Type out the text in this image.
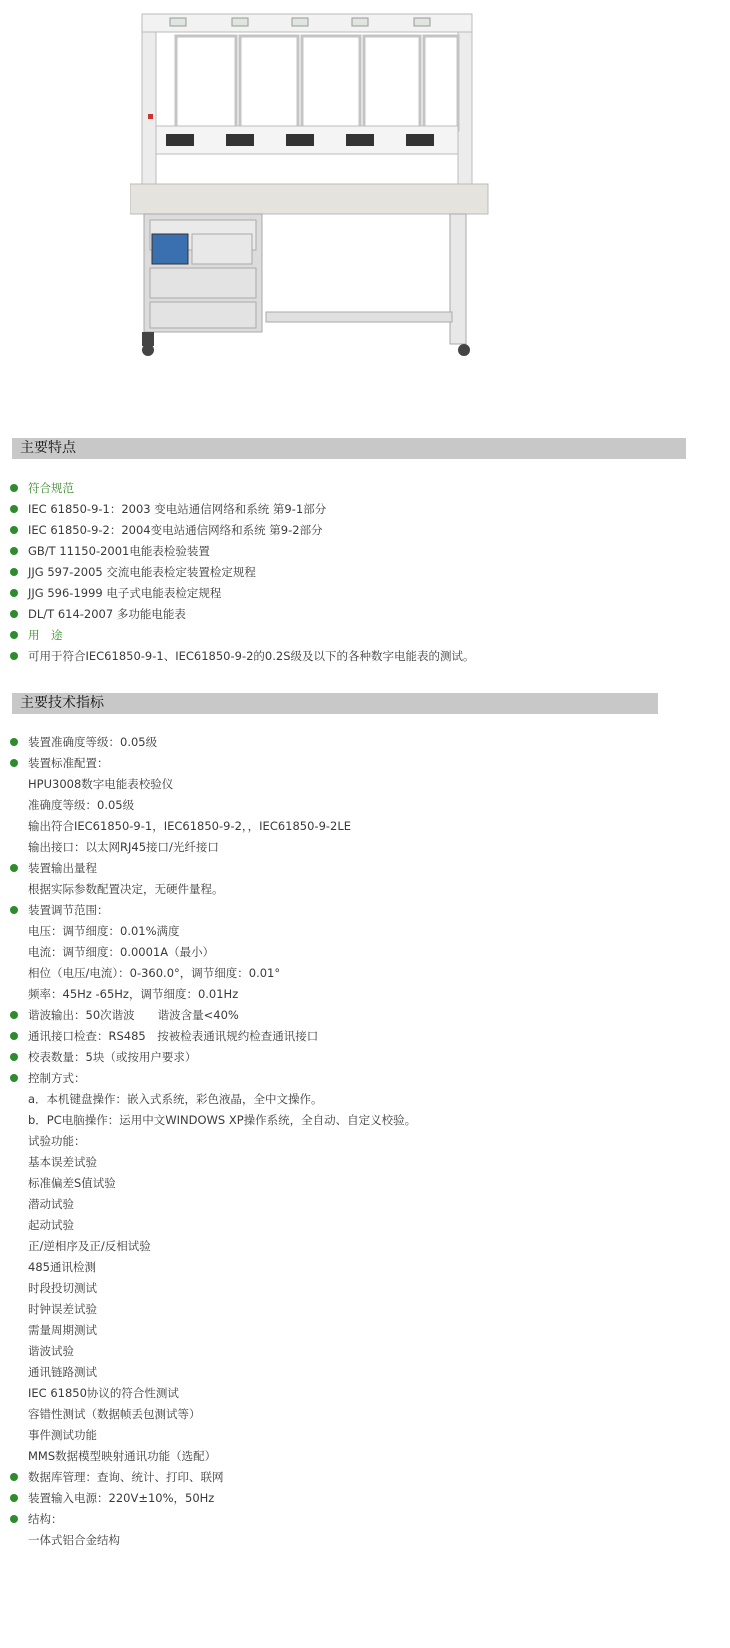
主要特点
符合规范
IEC 61850-9-1：2003 变电站通信网络和系统 第9-1部分
IEC 61850-9-2：2004变电站通信网络和系统 第9-2部分
GB/T 11150-2001电能表检验装置
JJG 597-2005 交流电能表检定装置检定规程
JJG 596-1999 电子式电能表检定规程
DL/T 614-2007 多功能电能表
用　途
可用于符合IEC61850-9-1、IEC61850-9-2的0.2S级及以下的各种数字电能表的测试。
主要技术指标
装置准确度等级：0.05级
装置标准配置：
HPU3008数字电能表校验仪
准确度等级：0.05级
输出符合IEC61850-9-1，IEC61850-9-2，，IEC61850-9-2LE
输出接口：以太网RJ45接口/光纤接口
装置输出量程
根据实际参数配置决定，无硬件量程。
装置调节范围：
电压：调节细度：0.01%满度
电流：调节细度：0.0001A（最小）
相位（电压/电流）：0-360.0°，调节细度：0.01°
频率：45Hz -65Hz，调节细度：0.01Hz
谐波输出：50次谐波　　谐波含量<40%
通讯接口检查：RS485　按被检表通讯规约检查通讯接口
校表数量：5块（或按用户要求）
控制方式：
a．本机键盘操作：嵌入式系统，彩色液晶，全中文操作。
b．PC电脑操作：运用中文WINDOWS XP操作系统，全自动、自定义校验。
试验功能：
基本误差试验
标准偏差S值试验
潜动试验
起动试验
正/逆相序及正/反相试验
485通讯检测
时段投切测试
时钟误差试验
需量周期测试
谐波试验
通讯链路测试
IEC 61850协议的符合性测试
容错性测试（数据帧丢包测试等）
事件测试功能
MMS数据模型映射通讯功能（选配）
数据库管理：查询、统计、打印、联网
装置输入电源：220V±10%，50Hz
结构：
一体式铝合金结构
